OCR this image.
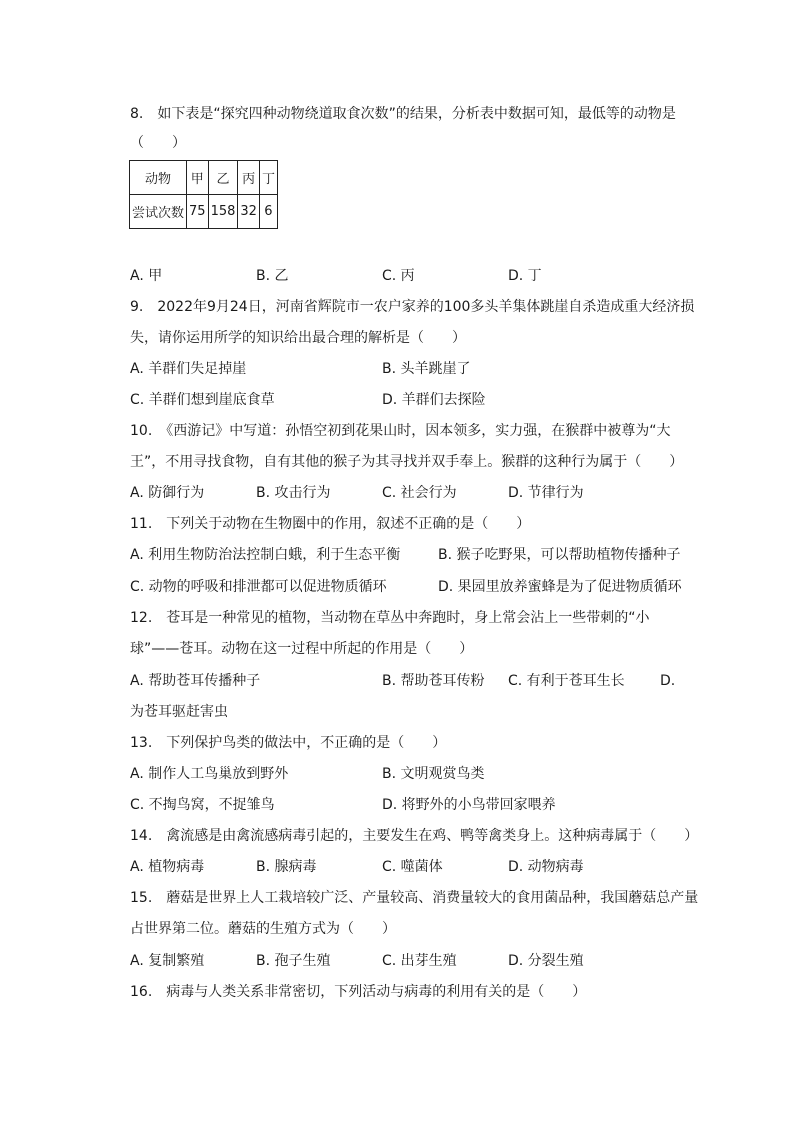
8.　如下表是“探究四种动物绕道取食次数”的结果，分析表中数据可知，最低等的动物是
（　　）
动物	甲	乙	丙	丁
尝试次数	75	158	32	6
A. 甲	B. 乙	C. 丙	D. 丁
9.　2022年9月24日，河南省辉院市一农户家养的100多头羊集体跳崖自杀造成重大经济损
失，请你运用所学的知识给出最合理的解析是（　　）
A. 羊群们失足掉崖	B. 头羊跳崖了
C. 羊群们想到崖底食草	D. 羊群们去探险
10.　《西游记》中写道：孙悟空初到花果山时，因本领多，实力强，在猴群中被尊为“大
王”，不用寻找食物，自有其他的猴子为其寻找并双手奉上。猴群的这种行为属于（　　）
A. 防御行为	B. 攻击行为	C. 社会行为	D. 节律行为
11.　下列关于动物在生物圈中的作用，叙述不正确的是（　　）
A. 利用生物防治法控制白蛾，利于生态平衡	B. 猴子吃野果，可以帮助植物传播种子
C. 动物的呼吸和排泄都可以促进物质循环	D. 果园里放养蜜蜂是为了促进物质循环
12.　苍耳是一种常见的植物，当动物在草丛中奔跑时，身上常会沾上一些带刺的“小
球”——苍耳。动物在这一过程中所起的作用是（　　）
A. 帮助苍耳传播种子	B. 帮助苍耳传粉 C. 有利于苍耳生长	D.
为苍耳驱赶害虫
13.　下列保护鸟类的做法中，不正确的是（　　）
A. 制作人工鸟巢放到野外	B. 文明观赏鸟类
C. 不掏鸟窝，不捉雏鸟	D. 将野外的小鸟带回家喂养
14.　禽流感是由禽流感病毒引起的，主要发生在鸡、鸭等禽类身上。这种病毒属于（　　）
A. 植物病毒	B. 腺病毒	C. 噬菌体	D. 动物病毒
15.　蘑菇是世界上人工栽培较广泛、产量较高、消费量较大的食用菌品种，我国蘑菇总产量
占世界第二位。蘑菇的生殖方式为（　　）
A. 复制繁殖	B. 孢子生殖	C. 出芽生殖	D. 分裂生殖
16.　病毒与人类关系非常密切，下列活动与病毒的利用有关的是（　　）
